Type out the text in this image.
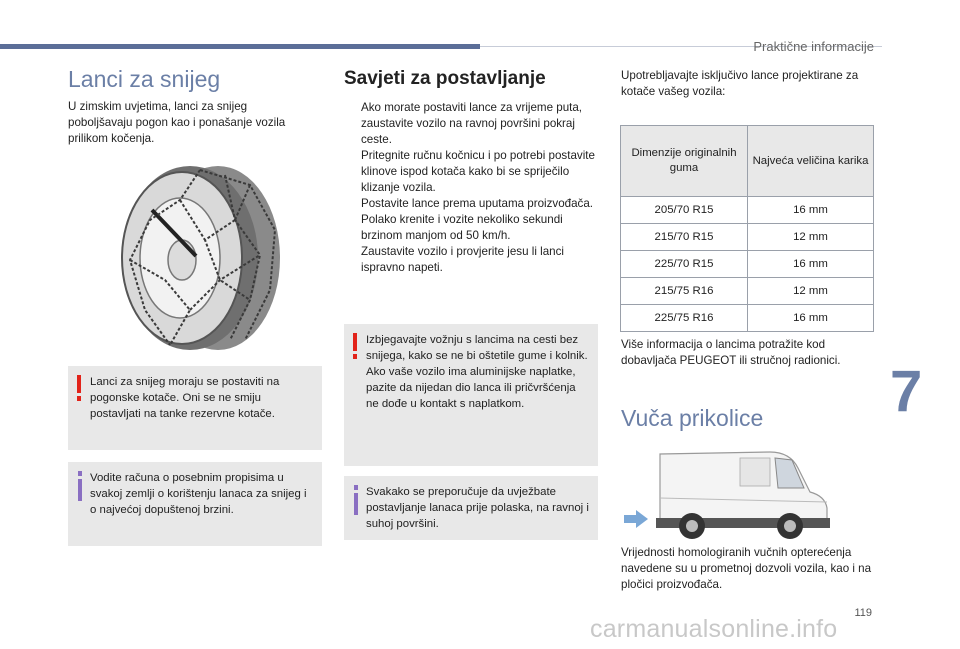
Praktične informacije
Lanci za snijeg
U zimskim uvjetima, lanci za snijeg poboljšavaju pogon kao i ponašanje vozila prilikom kočenja.
Lanci za snijeg moraju se postaviti na pogonske kotače. Oni se ne smiju postavljati na tanke rezervne kotače.
Vodite računa o posebnim propisima u svakoj zemlji o korištenju lanaca za snijeg i o najvećoj dopuštenoj brzini.
Savjeti za postavljanje
Ako morate postaviti lance za vrijeme puta, zaustavite vozilo na ravnoj površini pokraj ceste.
Pritegnite ručnu kočnicu i po potrebi postavite klinove ispod kotača kako bi se spriječilo klizanje vozila.
Postavite lance prema uputama proizvođača.
Polako krenite i vozite nekoliko sekundi brzinom manjom od 50 km/h.
Zaustavite vozilo i provjerite jesu li lanci ispravno napeti.
Izbjegavajte vožnju s lancima na cesti bez snijega, kako se ne bi oštetile gume i kolnik. Ako vaše vozilo ima aluminijske naplatke, pazite da nijedan dio lanca ili pričvršćenja ne dođe u kontakt s naplatkom.
Svakako se preporučuje da uvježbate postavljanje lanaca prije polaska, na ravnoj i suhoj površini.
Upotrebljavajte isključivo lance projektirane za kotače vašeg vozila:
Dimenzije originalnih guma	Najveća veličina karika
205/70 R15	16 mm
215/70 R15	12 mm
225/70 R15	16 mm
215/75 R16	12 mm
225/75 R16	16 mm
Više informacija o lancima potražite kod dobavljača PEUGEOT ili stručnoj radionici.
Vuča prikolice
Vrijednosti homologiranih vučnih opterećenja navedene su u prometnoj dozvoli vozila, kao i na pločici proizvođača.
7
119
carmanualsonline.info
